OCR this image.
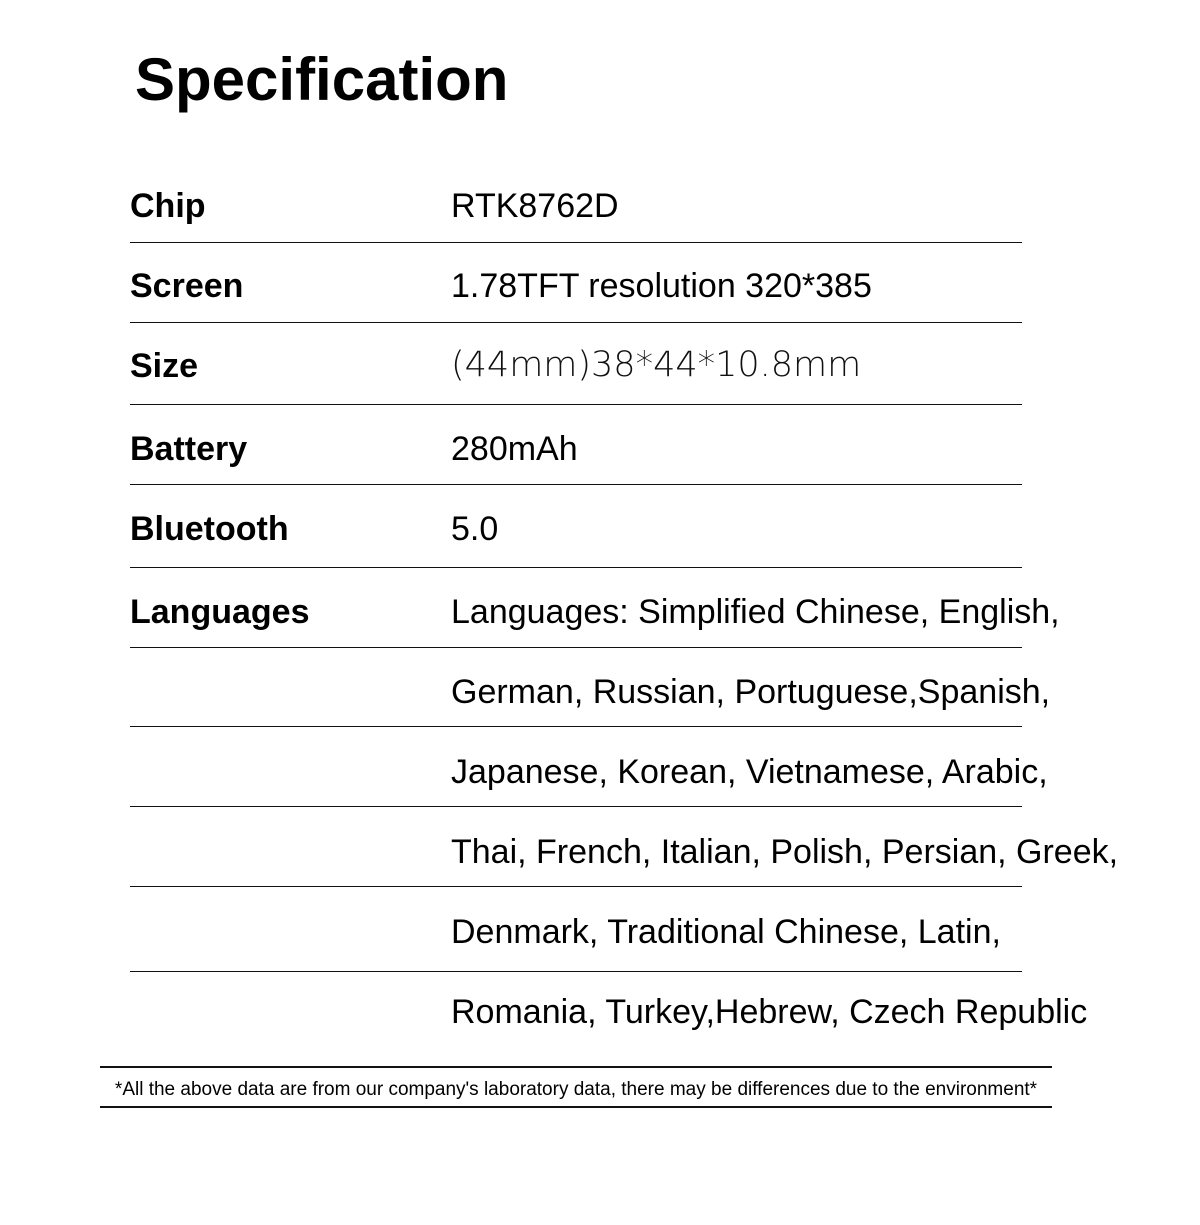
Specification
Chip	RTK8762D
Screen	1.78TFT resolution 320*385
Size	(44mm)38*44*10.8mm
Battery	280mAh
Bluetooth	5.0
Languages	Languages: Simplified Chinese, English,
German, Russian, Portuguese,Spanish,
Japanese, Korean, Vietnamese, Arabic,
Thai, French, Italian, Polish, Persian, Greek,
Denmark, Traditional Chinese, Latin,
Romania, Turkey,Hebrew, Czech Republic
*All the above data are from our company's laboratory data, there may be differences due to the environment*
